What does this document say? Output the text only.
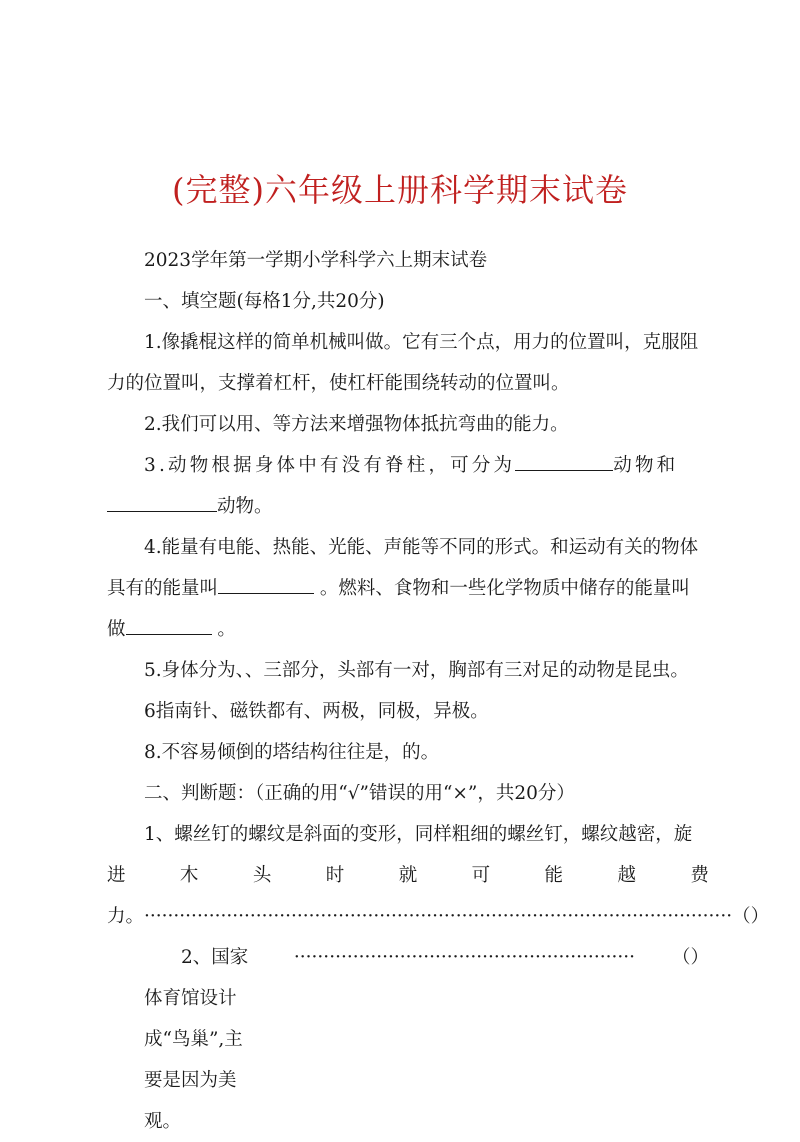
(完整)六年级上册科学期末试卷

2023学年第一学期小学科学六上期末试卷

一、填空题(每格1分,共20分)

1.像撬棍这样的简单机械叫做。它有三个点，用力的位置叫，克服阻

力的位置叫，支撑着杠杆，使杠杆能围绕转动的位置叫。

2.我们可以用、等方法来增强物体抵抗弯曲的能力。

3.动物根据身体中有没有脊柱，可分为	动物和

动物。

4.能量有电能、热能、光能、声能等不同的形式。和运动有关的物体

具有的能量叫	。燃料、食物和一些化学物质中储存的能量叫

做	。

5.身体分为、、三部分，头部有一对，胸部有三对足的动物是昆虫。

6指南针、磁铁都有、两极，同极，异极。

8.不容易倾倒的塔结构往往是，的。

二、判断题：（正确的用“√”错误的用“×”，共20分）

1、螺丝钉的螺纹是斜面的变形，同样粗细的螺丝钉，螺纹越密，旋

进	木	头	时	就	可	能	越	费
力。 ···································································································· （）
2、国家体育馆设计成“鸟巢”,主要是因为美观。
··························································	（）
